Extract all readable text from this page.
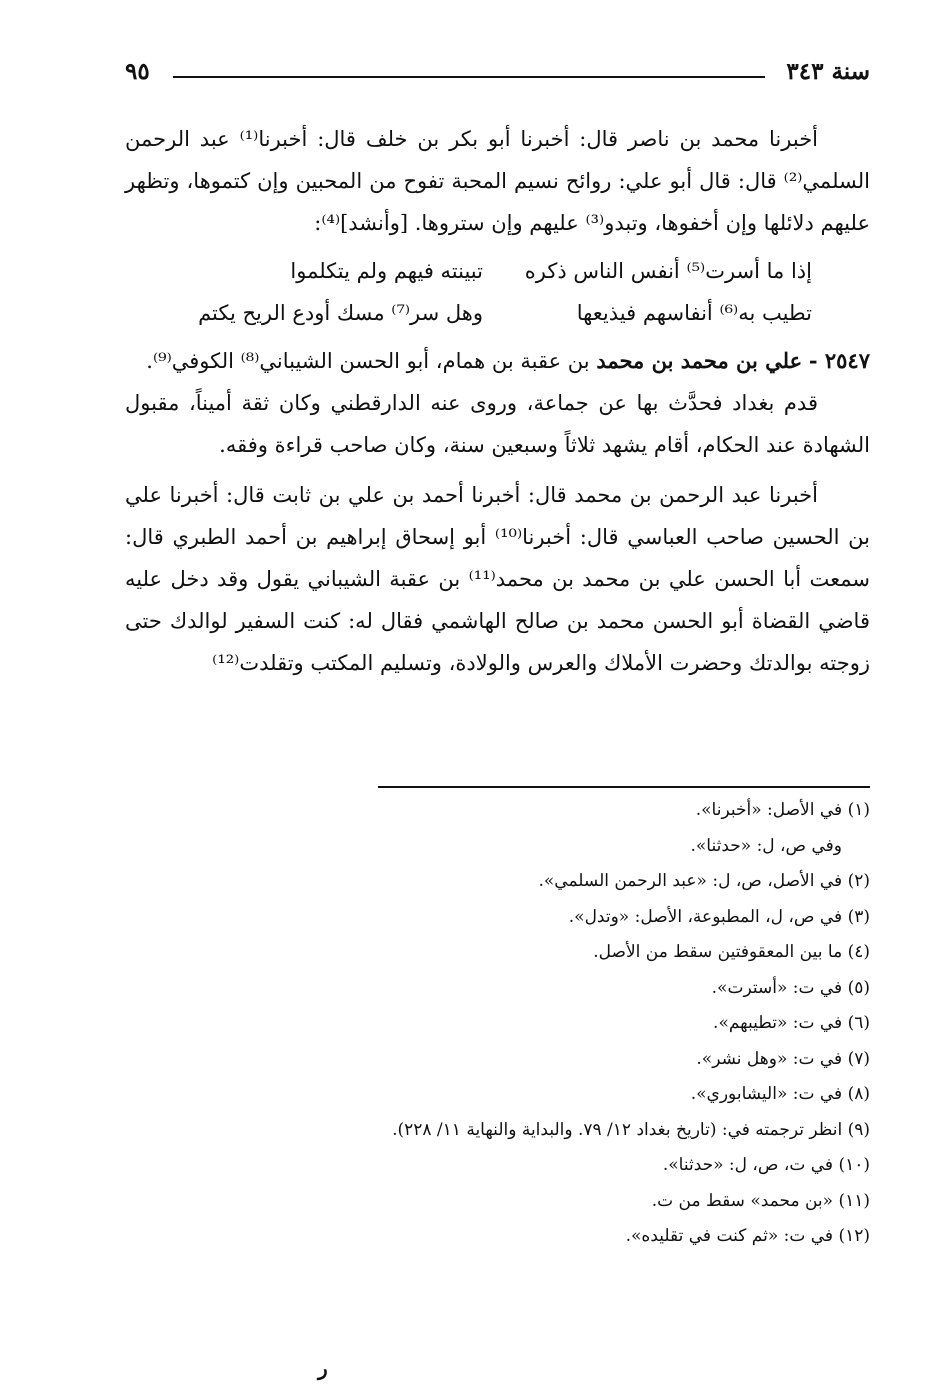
سنة ٣٤٣
٩٥

أخبرنا محمد بن ناصر قال: أخبرنا أبو بكر بن خلف قال: أخبرنا⁽¹⁾ عبد الرحمن السلمي⁽²⁾ قال: قال أبو علي: روائح نسيم المحبة تفوح من المحبين وإن كتموها، وتظهر عليهم دلائلها وإن أخفوها، وتبدو⁽³⁾ عليهم وإن ستروها. [وأنشد]⁽⁴⁾:

إذا ما أسرت⁽⁵⁾ أنفس الناس ذكره
تبينته فيهم ولم يتكلموا
تطيب به⁽⁶⁾ أنفاسهم فيذيعها
وهل سر⁽⁷⁾ مسك أودع الريح يكتم

٢٥٤٧ - علي بن محمد بن محمد بن عقبة بن همام، أبو الحسن الشيباني⁽⁸⁾ الكوفي⁽⁹⁾.

قدم بغداد فحدَّث بها عن جماعة، وروى عنه الدارقطني وكان ثقة أميناً، مقبول الشهادة عند الحكام، أقام يشهد ثلاثاً وسبعين سنة، وكان صاحب قراءة وفقه.

أخبرنا عبد الرحمن بن محمد قال: أخبرنا أحمد بن علي بن ثابت قال: أخبرنا علي بن الحسين صاحب العباسي قال: أخبرنا⁽¹⁰⁾ أبو إسحاق إبراهيم بن أحمد الطبري قال: سمعت أبا الحسن علي بن محمد بن محمد⁽¹¹⁾ بن عقبة الشيباني يقول وقد دخل عليه قاضي القضاة أبو الحسن محمد بن صالح الهاشمي فقال له: كنت السفير لوالدك حتى زوجته بوالدتك وحضرت الأملاك والعرس والولادة، وتسليم المكتب وتقلدت⁽¹²⁾

(١) في الأصل: «أخبرنا».

وفي ص، ل: «حدثنا».

(٢) في الأصل، ص، ل: «عبد الرحمن السلمي».

(٣) في ص، ل، المطبوعة، الأصل: «وتدل».

(٤) ما بين المعقوفتين سقط من الأصل.

(٥) في ت: «أسترت».

(٦) في ت: «تطيبهم».

(٧) في ت: «وهل نشر».

(٨) في ت: «اليشابوري».

(٩) انظر ترجمته في: (تاريخ بغداد ١٢/ ٧٩. والبداية والنهاية ١١/ ٢٢٨).

(١٠) في ت، ص، ل: «حدثنا».

(١١) «بن محمد» سقط من ت.

(١٢) في ت: «ثم كنت في تقليده».

ر
